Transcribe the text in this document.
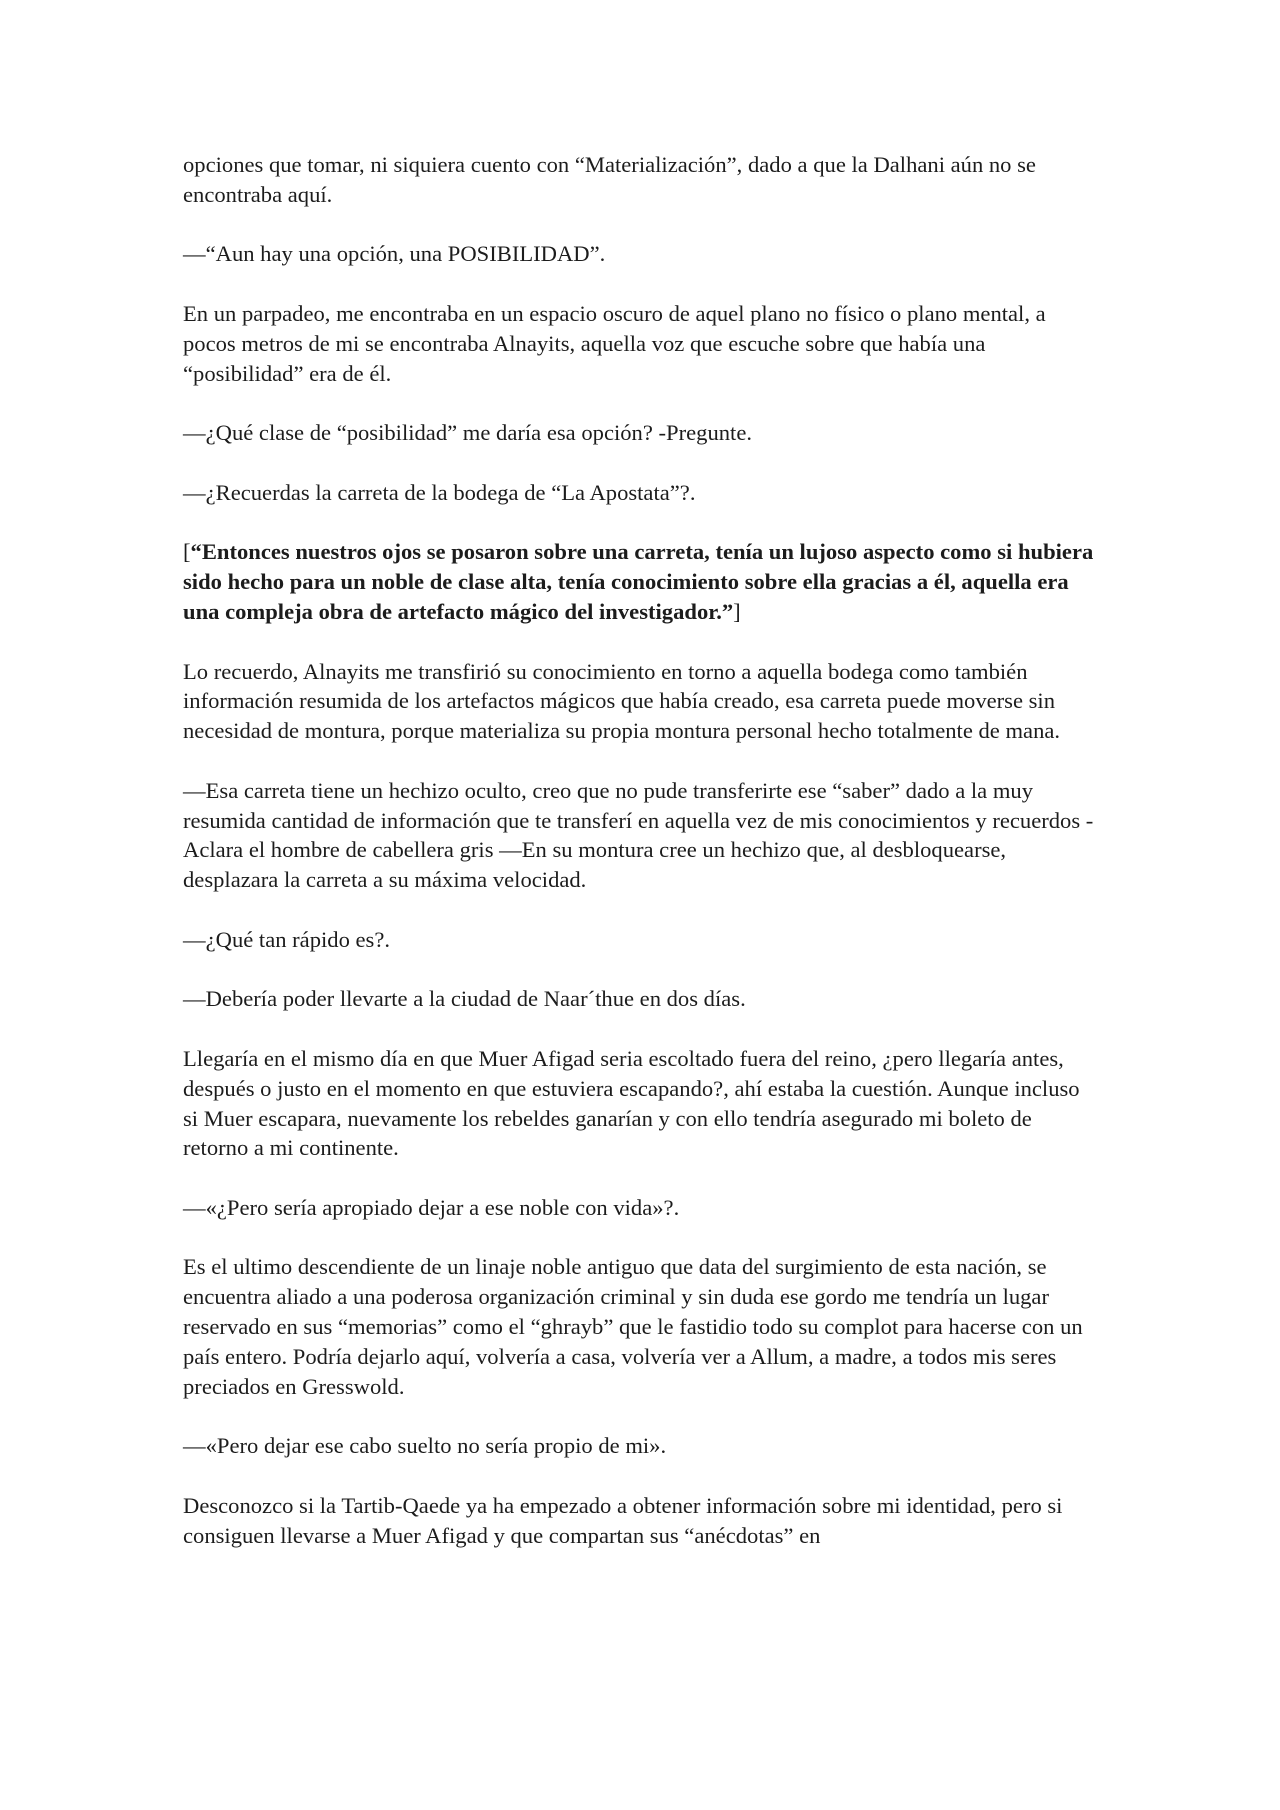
opciones que tomar, ni siquiera cuento con “Materialización”, dado a que la Dalhani aún no se encontraba aquí.

—“Aun hay una opción, una POSIBILIDAD”.

En un parpadeo, me encontraba en un espacio oscuro de aquel plano no físico o plano mental, a pocos metros de mi se encontraba Alnayits, aquella voz que escuche sobre que había una “posibilidad” era de él.

—¿Qué clase de “posibilidad” me daría esa opción? -Pregunte.

—¿Recuerdas la carreta de la bodega de “La Apostata”?.

[“Entonces nuestros ojos se posaron sobre una carreta, tenía un lujoso aspecto como si hubiera sido hecho para un noble de clase alta, tenía conocimiento sobre ella gracias a él, aquella era una compleja obra de artefacto mágico del investigador.”]

Lo recuerdo, Alnayits me transfirió su conocimiento en torno a aquella bodega como también información resumida de los artefactos mágicos que había creado, esa carreta puede moverse sin necesidad de montura, porque materializa su propia montura personal hecho totalmente de mana.

—Esa carreta tiene un hechizo oculto, creo que no pude transferirte ese “saber” dado a la muy resumida cantidad de información que te transferí en aquella vez de mis conocimientos y recuerdos -Aclara el hombre de cabellera gris —En su montura cree un hechizo que, al desbloquearse, desplazara la carreta a su máxima velocidad.

—¿Qué tan rápido es?.

—Debería poder llevarte a la ciudad de Naar´thue en dos días.

Llegaría en el mismo día en que Muer Afigad seria escoltado fuera del reino, ¿pero llegaría antes, después o justo en el momento en que estuviera escapando?, ahí estaba la cuestión. Aunque incluso si Muer escapara, nuevamente los rebeldes ganarían y con ello tendría asegurado mi boleto de retorno a mi continente.

—«¿Pero sería apropiado dejar a ese noble con vida»?.

Es el ultimo descendiente de un linaje noble antiguo que data del surgimiento de esta nación, se encuentra aliado a una poderosa organización criminal y sin duda ese gordo me tendría un lugar reservado en sus “memorias” como el “ghrayb” que le fastidio todo su complot para hacerse con un país entero. Podría dejarlo aquí, volvería a casa, volvería ver a Allum, a madre, a todos mis seres preciados en Gresswold.

—«Pero dejar ese cabo suelto no sería propio de mi».

Desconozco si la Tartib-Qaede ya ha empezado a obtener información sobre mi identidad, pero si consiguen llevarse a Muer Afigad y que compartan sus “anécdotas” en
